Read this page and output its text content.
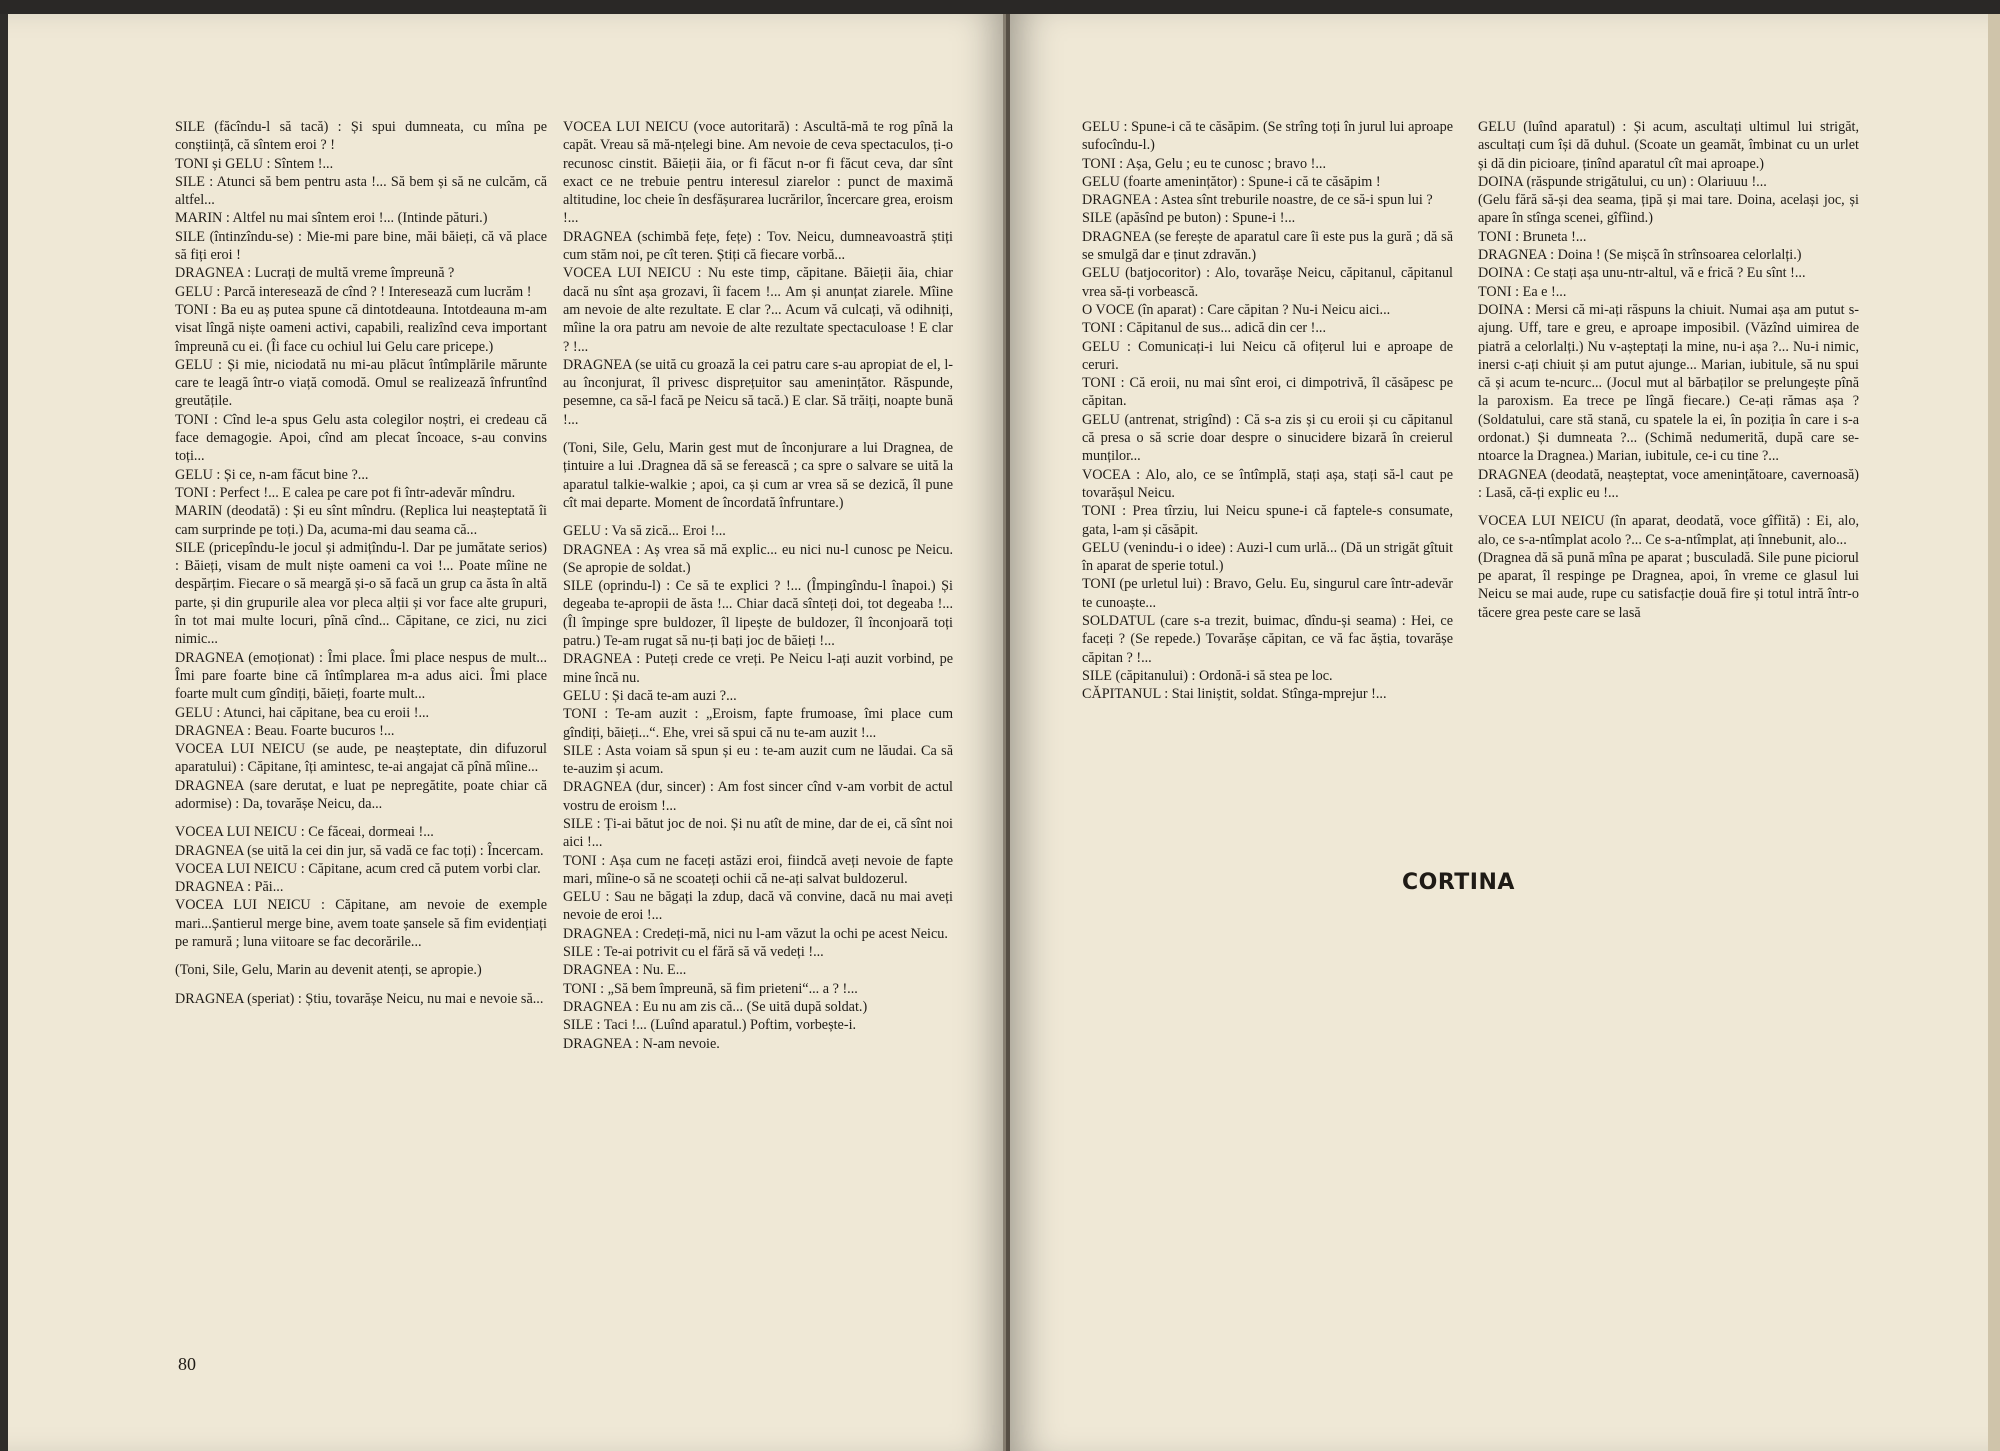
SILE (făcîndu-l să tacă) : Și spui dumneata, cu mîna pe conștiință, că sîntem eroi ? !

TONI și GELU : Sîntem !...

SILE : Atunci să bem pentru asta !... Să bem și să ne culcăm, că altfel...

MARIN : Altfel nu mai sîntem eroi !... (Intinde pături.)

SILE (întinzîndu-se) : Mie-mi pare bine, măi băieți, că vă place să fiți eroi !

DRAGNEA : Lucrați de multă vreme împreună ?

GELU : Parcă interesează de cînd ? ! Interesează cum lucrăm !

TONI : Ba eu aș putea spune că dintotdeauna. Intotdeauna m-am visat lîngă niște oameni activi, capabili, realizînd ceva important împreună cu ei. (Îi face cu ochiul lui Gelu care pricepe.)

GELU : Și mie, niciodată nu mi-au plăcut întîmplările mărunte care te leagă într-o viață comodă. Omul se realizează înfruntînd greutățile.

TONI : Cînd le-a spus Gelu asta colegilor noștri, ei credeau că face demagogie. Apoi, cînd am plecat încoace, s-au convins toți...

GELU : Și ce, n-am făcut bine ?...

TONI : Perfect !... E calea pe care pot fi într-adevăr mîndru.

MARIN (deodată) : Și eu sînt mîndru. (Replica lui neașteptată îi cam surprinde pe toți.) Da, acuma-mi dau seama că...

SILE (pricepîndu-le jocul și admițîndu-l. Dar pe jumătate serios) : Băieți, visam de mult niște oameni ca voi !... Poate mîine ne despărțim. Fiecare o să meargă și-o să facă un grup ca ăsta în altă parte, și din grupurile alea vor pleca alții și vor face alte grupuri, în tot mai multe locuri, pînă cînd... Căpitane, ce zici, nu zici nimic...

DRAGNEA (emoționat) : Îmi place. Îmi place nespus de mult... Îmi pare foarte bine că întîmplarea m-a adus aici. Îmi place foarte mult cum gîndiți, băieți, foarte mult...

GELU : Atunci, hai căpitane, bea cu eroii !...

DRAGNEA : Beau. Foarte bucuros !...

VOCEA LUI NEICU (se aude, pe neașteptate, din difuzorul aparatului) : Căpitane, îți amintesc, te-ai angajat că pînă mîine...

DRAGNEA (sare derutat, e luat pe nepregătite, poate chiar că adormise) : Da, tovarășe Neicu, da...

VOCEA LUI NEICU : Ce făceai, dormeai !...

DRAGNEA (se uită la cei din jur, să vadă ce fac toți) : Încercam.

VOCEA LUI NEICU : Căpitane, acum cred că putem vorbi clar.

DRAGNEA : Păi...

VOCEA LUI NEICU : Căpitane, am nevoie de exemple mari...Șantierul merge bine, avem toate șansele să fim evidențiați pe ramură ; luna viitoare se fac decorările...

(Toni, Sile, Gelu, Marin au devenit atenți, se apropie.)

DRAGNEA (speriat) : Știu, tovarășe Neicu, nu mai e nevoie să...

VOCEA LUI NEICU (voce autoritară) : Ascultă-mă te rog pînă la capăt. Vreau să mă-nțelegi bine. Am nevoie de ceva spectaculos, ți-o recunosc cinstit. Băieții ăia, or fi făcut n-or fi făcut ceva, dar sînt exact ce ne trebuie pentru interesul ziarelor : punct de maximă altitudine, loc cheie în desfășurarea lucrărilor, încercare grea, eroism !...

DRAGNEA (schimbă fețe, fețe) : Tov. Neicu, dumneavoastră știți cum stăm noi, pe cît teren. Știți că fiecare vorbă...

VOCEA LUI NEICU : Nu este timp, căpitane. Băieții ăia, chiar dacă nu sînt așa grozavi, îi facem !... Am și anunțat ziarele. Mîine am nevoie de alte rezultate. E clar ?... Acum vă culcați, vă odihniți, mîine la ora patru am nevoie de alte rezultate spectaculoase ! E clar ? !...

DRAGNEA (se uită cu groază la cei patru care s-au apropiat de el, l-au înconjurat, îl privesc disprețuitor sau amenințător. Răspunde, pesemne, ca să-l facă pe Neicu să tacă.) E clar. Să trăiți, noapte bună !...

(Toni, Sile, Gelu, Marin gest mut de înconjurare a lui Dragnea, de țintuire a lui .Dragnea dă să se ferească ; ca spre o salvare se uită la aparatul talkie-walkie ; apoi, ca și cum ar vrea să se dezică, îl pune cît mai departe. Moment de încordată înfruntare.)

GELU : Va să zică... Eroi !...

DRAGNEA : Aș vrea să mă explic... eu nici nu-l cunosc pe Neicu. (Se apropie de soldat.)

SILE (oprindu-l) : Ce să te explici ? !... (Împingîndu-l înapoi.) Și degeaba te-apropii de ăsta !... Chiar dacă sînteți doi, tot degeaba !... (Îl împinge spre buldozer, îl lipește de buldozer, îl înconjoară toți patru.) Te-am rugat să nu-ți bați joc de băieți !...

DRAGNEA : Puteți crede ce vreți. Pe Neicu l-ați auzit vorbind, pe mine încă nu.

GELU : Și dacă te-am auzi ?...

TONI : Te-am auzit : „Eroism, fapte frumoase, îmi place cum gîndiți, băieți...“. Ehe, vrei să spui că nu te-am auzit !...

SILE : Asta voiam să spun și eu : te-am auzit cum ne lăudai. Ca să te-auzim și acum.

DRAGNEA (dur, sincer) : Am fost sincer cînd v-am vorbit de actul vostru de eroism !...

SILE : Ți-ai bătut joc de noi. Și nu atît de mine, dar de ei, că sînt noi aici !...

TONI : Așa cum ne faceți astăzi eroi, fiindcă aveți nevoie de fapte mari, mîine-o să ne scoateți ochii că ne-ați salvat buldozerul.

GELU : Sau ne băgați la zdup, dacă vă convine, dacă nu mai aveți nevoie de eroi !...

DRAGNEA : Credeți-mă, nici nu l-am văzut la ochi pe acest Neicu.

SILE : Te-ai potrivit cu el fără să vă vedeți !...

DRAGNEA : Nu. E...

TONI : „Să bem împreună, să fim prieteni“... a ? !...

DRAGNEA : Eu nu am zis că... (Se uită după soldat.)

SILE : Taci !... (Luînd aparatul.) Poftim, vorbește-i.

DRAGNEA : N-am nevoie.

80

GELU : Spune-i că te căsăpim. (Se strîng toți în jurul lui aproape sufocîndu-l.)

TONI : Așa, Gelu ; eu te cunosc ; bravo !...

GELU (foarte amenințător) : Spune-i că te căsăpim !

DRAGNEA : Astea sînt treburile noastre, de ce să-i spun lui ?

SILE (apăsînd pe buton) : Spune-i !...

DRAGNEA (se ferește de aparatul care îi este pus la gură ; dă să se smulgă dar e ținut zdravăn.)

GELU (batjocoritor) : Alo, tovarășe Neicu, căpitanul, căpitanul vrea să-ți vorbească.

O VOCE (în aparat) : Care căpitan ? Nu-i Neicu aici...

TONI : Căpitanul de sus... adică din cer !...

GELU : Comunicați-i lui Neicu că ofițerul lui e aproape de ceruri.

TONI : Că eroii, nu mai sînt eroi, ci dimpotrivă, îl căsăpesc pe căpitan.

GELU (antrenat, strigînd) : Că s-a zis și cu eroii și cu căpitanul că presa o să scrie doar despre o sinucidere bizară în creierul munților...

VOCEA : Alo, alo, ce se întîmplă, stați așa, stați să-l caut pe tovarășul Neicu.

TONI : Prea tîrziu, lui Neicu spune-i că faptele-s consumate, gata, l-am și căsăpit.

GELU (venindu-i o idee) : Auzi-l cum urlă... (Dă un strigăt gîtuit în aparat de sperie totul.)

TONI (pe urletul lui) : Bravo, Gelu. Eu, singurul care într-adevăr te cunoaște...

SOLDATUL (care s-a trezit, buimac, dîndu-și seama) : Hei, ce faceți ? (Se repede.) Tovarășe căpitan, ce vă fac ăștia, tovarășe căpitan ? !...

SILE (căpitanului) : Ordonă-i să stea pe loc.

CĂPITANUL : Stai liniștit, soldat. Stînga-mprejur !...

GELU (luînd aparatul) : Și acum, ascultați ultimul lui strigăt, ascultați cum își dă duhul. (Scoate un geamăt, îmbinat cu un urlet și dă din picioare, ținînd aparatul cît mai aproape.)

DOINA (răspunde strigătului, cu un) : Olariuuu !...

(Gelu fără să-și dea seama, țipă și mai tare. Doina, același joc, și apare în stînga scenei, gîfîind.)

TONI : Bruneta !...

DRAGNEA : Doina ! (Se mișcă în strînsoarea celorlalți.)

DOINA : Ce stați așa unu-ntr-altul, vă e frică ? Eu sînt !...

TONI : Ea e !...

DOINA : Mersi că mi-ați răspuns la chiuit. Numai așa am putut s-ajung. Uff, tare e greu, e aproape imposibil. (Văzînd uimirea de piatră a celorlalți.) Nu v-așteptați la mine, nu-i așa ?... Nu-i nimic, inersi c-ați chiuit și am putut ajunge... Marian, iubitule, să nu spui că și acum te-ncurc... (Jocul mut al bărbaților se prelungește pînă la paroxism. Ea trece pe lîngă fiecare.) Ce-ați rămas așa ? (Soldatului, care stă stană, cu spatele la ei, în poziția în care i s-a ordonat.) Și dumneata ?... (Schimă nedumerită, după care se-ntoarce la Dragnea.) Marian, iubitule, ce-i cu tine ?...

DRAGNEA (deodată, neașteptat, voce amenințătoare, cavernoasă) : Lasă, că-ți explic eu !...

VOCEA LUI NEICU (în aparat, deodată, voce gîfîită) : Ei, alo, alo, ce s-a-ntîmplat acolo ?... Ce s-a-ntîmplat, ați înnebunit, alo...

(Dragnea dă să pună mîna pe aparat ; busculadă. Sile pune piciorul pe aparat, îl respinge pe Dragnea, apoi, în vreme ce glasul lui Neicu se mai aude, rupe cu satisfacție două fire și totul intră într-o tăcere grea peste care se lasă

CORTINA
